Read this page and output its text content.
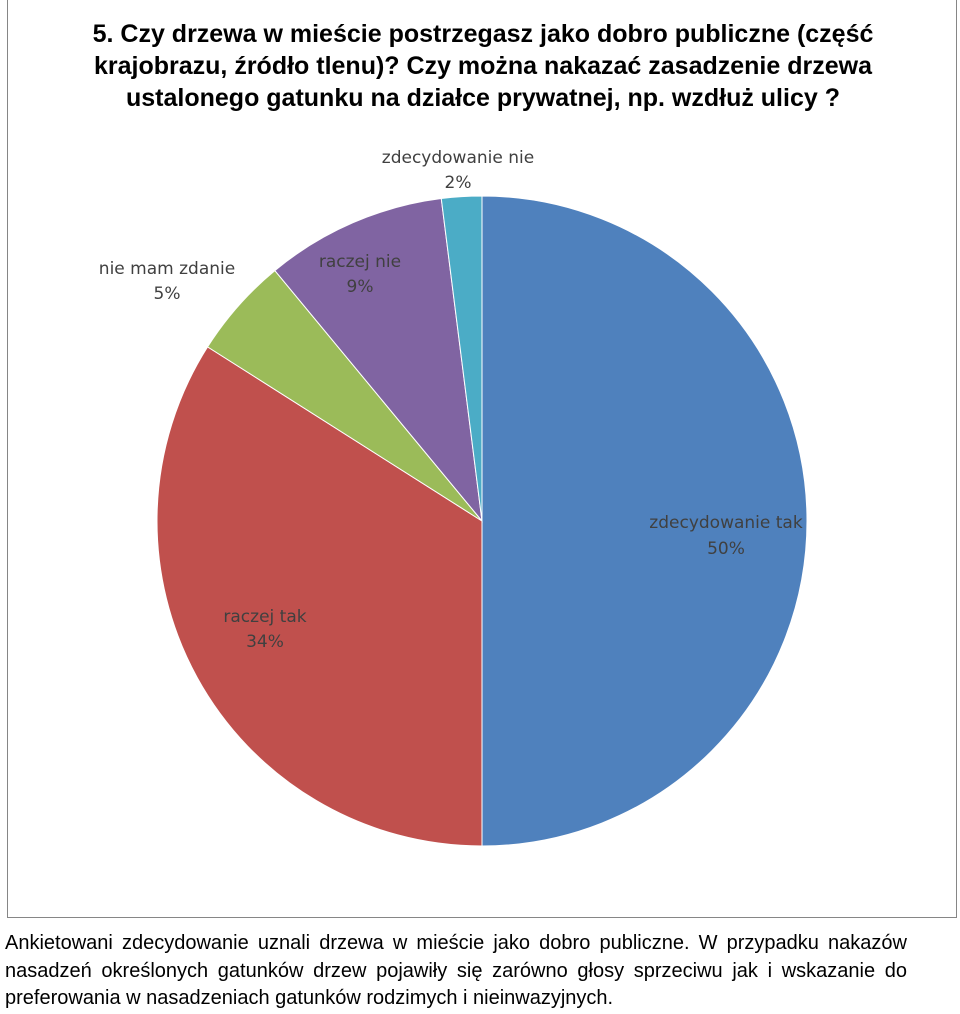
5. Czy drzewa w mieście postrzegasz jako dobro publiczne (część
krajobrazu, źródło tlenu)? Czy można nakazać zasadzenie drzewa
ustalonego gatunku na działce prywatnej, np. wzdłuż ulicy ?
zdecydowanie tak
50%
raczej tak
34%
nie mam zdanie
5%
raczej nie
9%
zdecydowanie nie
2%
Ankietowani zdecydowanie uznali drzewa w mieście jako dobro publiczne. W przypadku nakazów nasadzeń określonych gatunków drzew pojawiły się zarówno głosy sprzeciwu jak i wskazanie do preferowania w nasadzeniach gatunków rodzimych i nieinwazyjnych.
